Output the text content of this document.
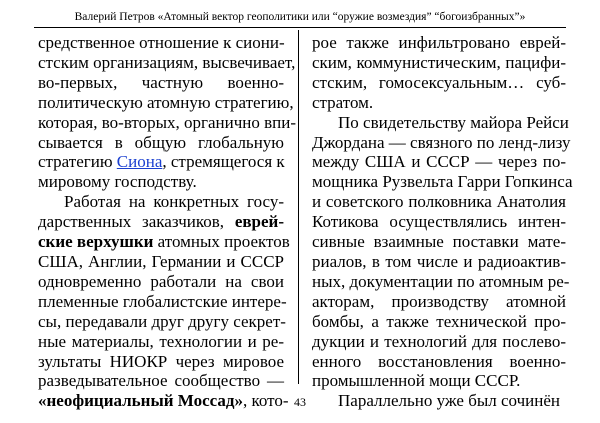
Валерий Петров «Атомный вектор геополитики или “оружие возмездия” “богоизбранных”»

средственное отношение к сиони-
стским организациям, высвечивает,
во-первых, частную военно-
политическую атомную стратегию,
которая, во-вторых, органично впи-
сывается в общую глобальную
стратегию Сиона, стремящегося к
мировому господству.

Работая на конкретных госу-
дарственных заказчиков, еврей-
ские верхушки атомных проектов
США, Англии, Германии и СССР
одновременно работали на свои
племенные глобалистские интере-
сы, передавали друг другу секрет-
ные материалы, технологии и ре-
зультаты НИОКР через мировое
разведывательное сообщество —
«неофициальный Моссад», кото-

рое также инфильтровано еврей-
ским, коммунистическим, пацифи-
стским, гомосексуальным… суб-
стратом.

По свидетельству майора Рейси
Джордана — связного по ленд-лизу
между США и СССР — через по-
мощника Рузвельта Гарри Гопкинса
и советского полковника Анатолия
Котикова осуществлялись интен-
сивные взаимные поставки мате-
риалов, в том числе и радиоактив-
ных, документации по атомным ре-
акторам, производству атомной
бомбы, а также технической про-
дукции и технологий для послево-
енного восстановления военно-
промышленной мощи СССР.

Параллельно уже был сочинён

43
